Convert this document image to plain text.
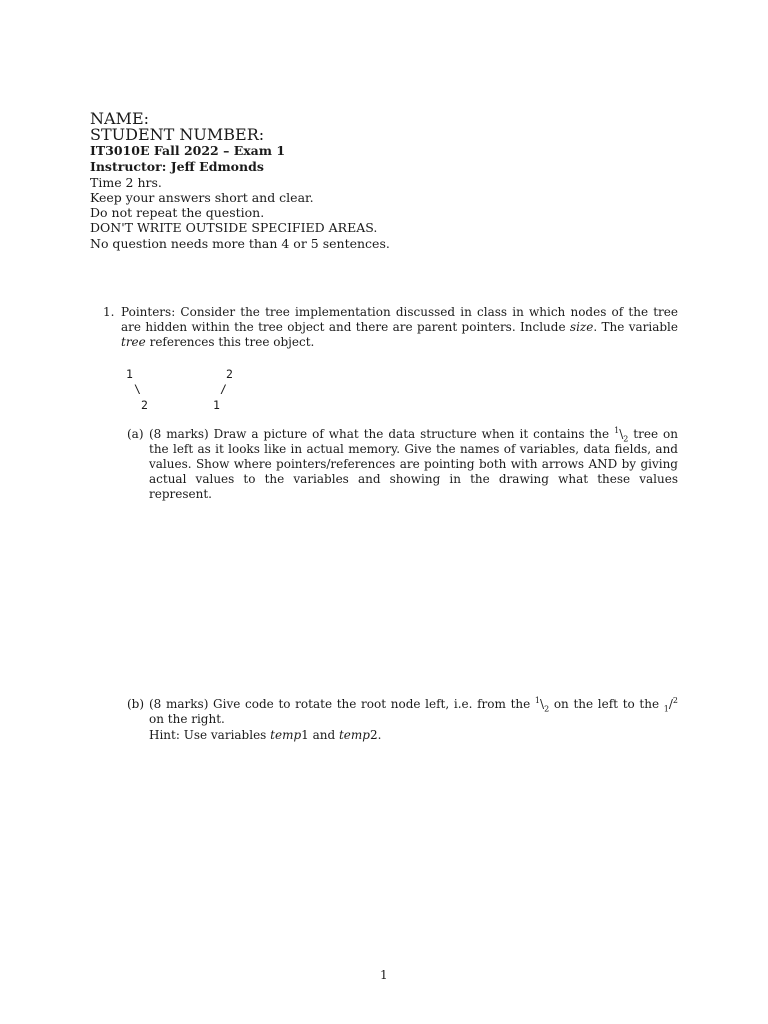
NAME:
STUDENT NUMBER:
IT3010E Fall 2022 – Exam 1
Instructor: Jeff Edmonds
Time 2 hrs.
Keep your answers short and clear.
Do not repeat the question.
DON'T WRITE OUTSIDE SPECIFIED AREAS.
No question needs more than 4 or 5 sentences.
1. Pointers: Consider the tree implementation discussed in class in which nodes of the tree are hidden within the tree object and there are parent pointers. Include size. The variable tree references this tree object.
1
\
2
2
/
1
(a) (8 marks) Draw a picture of what the data structure when it contains the $^1\backslash_2$ tree on the left as it looks like in actual memory. Give the names of variables, data fields, and values. Show where pointers/references are pointing both with arrows AND by giving actual values to the variables and showing in the drawing what these values represent.
(b) (8 marks) Give code to rotate the root node left, i.e. from the $^1\backslash_2$ on the left to the $_1$/$^2$ on the right.
Hint: Use variables temp1 and temp2.
1
